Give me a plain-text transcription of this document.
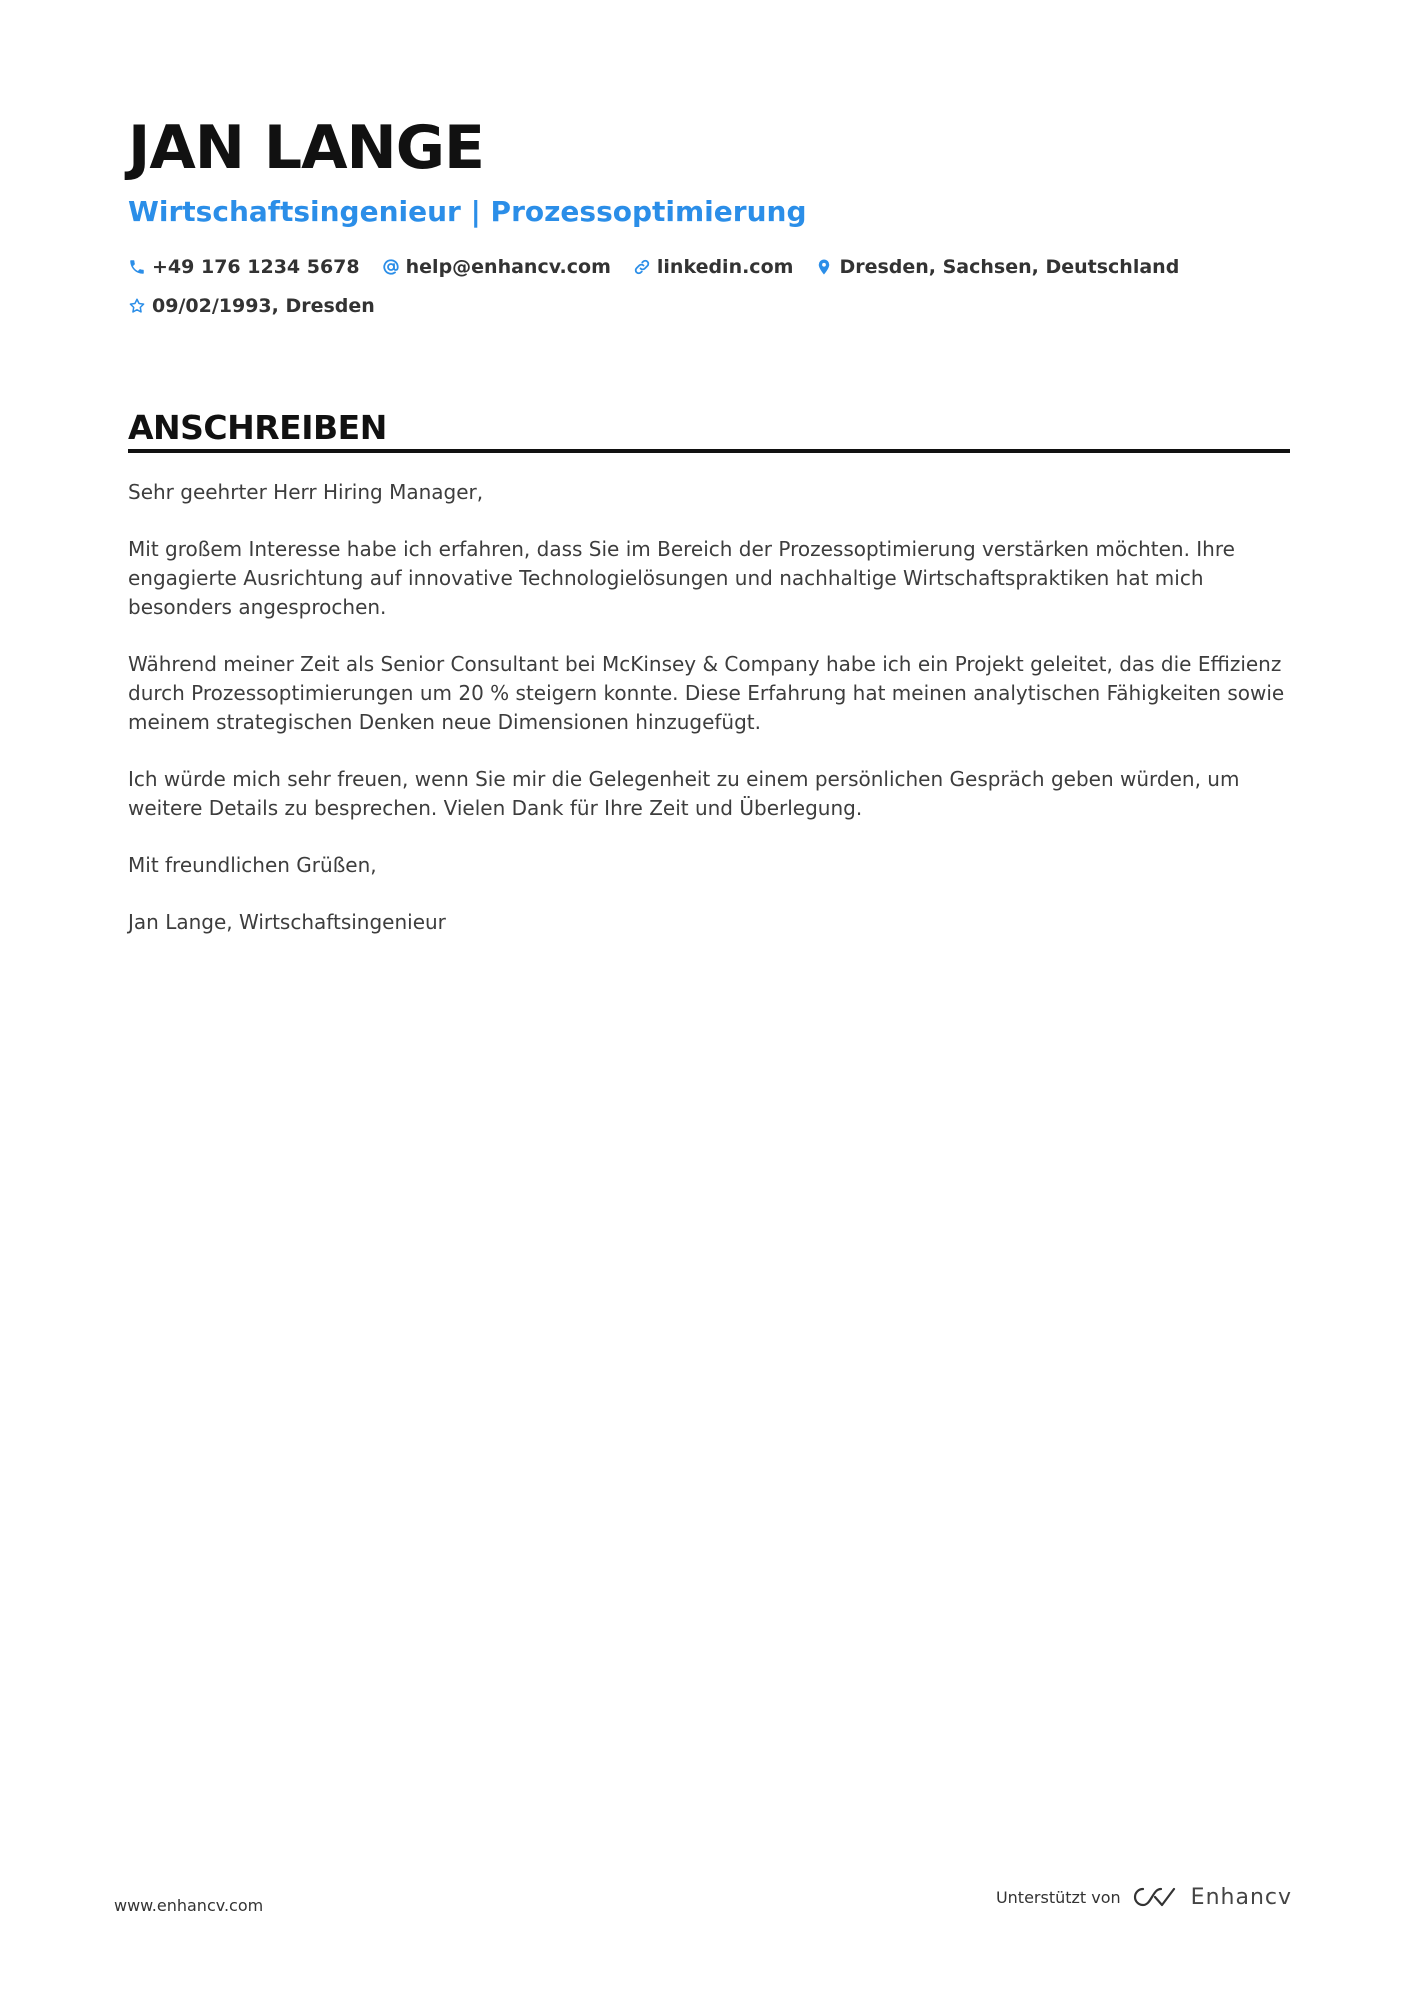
JAN LANGE
Wirtschaftsingenieur | Prozessoptimierung
+49 176 1234 5678 help@enhancv.com linkedin.com Dresden, Sachsen, Deutschland
09/02/1993, Dresden
ANSCHREIBEN

Sehr geehrter Herr Hiring Manager,

Mit großem Interesse habe ich erfahren, dass Sie im Bereich der Prozessoptimierung verstärken möchten. Ihre engagierte Ausrichtung auf innovative Technologielösungen und nachhaltige Wirtschaftspraktiken hat mich besonders angesprochen.

Während meiner Zeit als Senior Consultant bei McKinsey & Company habe ich ein Projekt geleitet, das die Effizienz durch Prozessoptimierungen um 20 % steigern konnte. Diese Erfahrung hat meinen analytischen Fähigkeiten sowie meinem strategischen Denken neue Dimensionen hinzugefügt.

Ich würde mich sehr freuen, wenn Sie mir die Gelegenheit zu einem persönlichen Gespräch geben würden, um weitere Details zu besprechen. Vielen Dank für Ihre Zeit und Überlegung.

Mit freundlichen Grüßen,

Jan Lange, Wirtschaftsingenieur

www.enhancv.com	Unterstützt von	Enhancv
